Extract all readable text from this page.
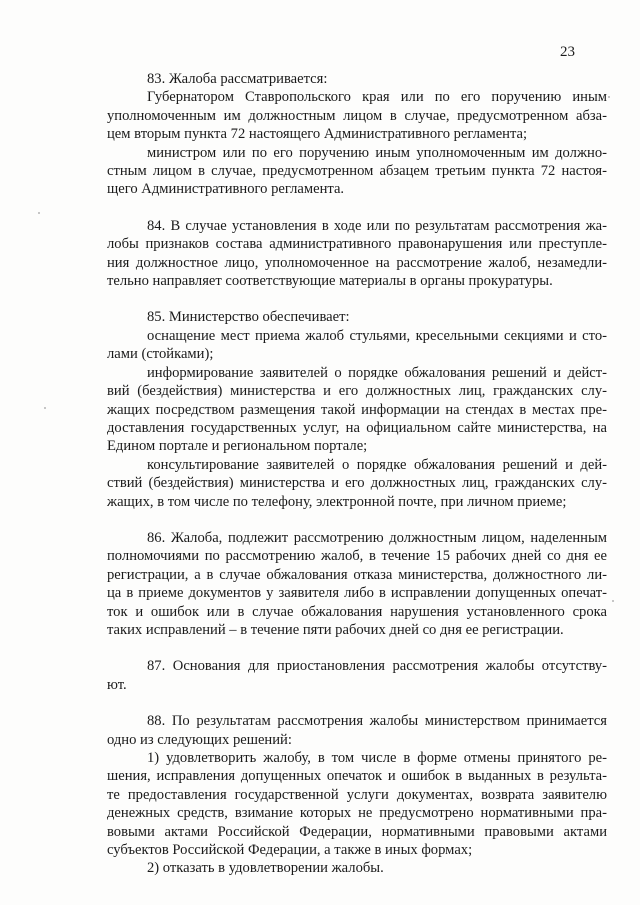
23

83. Жалоба рассматривается:

Губернатором Ставропольского края или по его поручению иным
уполномоченным им должностным лицом в случае, предусмотренном абза-
цем вторым пункта 72 настоящего Административного регламента;

министром или по его поручению иным уполномоченным им должно-
стным лицом в случае, предусмотренном абзацем третьим пункта 72 настоя-
щего Административного регламента.

84. В случае установления в ходе или по результатам рассмотрения жа-
лобы признаков состава административного правонарушения или преступле-
ния должностное лицо, уполномоченное на рассмотрение жалоб, незамедли-
тельно направляет соответствующие материалы в органы прокуратуры.

85. Министерство обеспечивает:

оснащение мест приема жалоб стульями, кресельными секциями и сто-
лами (стойками);

информирование заявителей о порядке обжалования решений и дейст-
вий (бездействия) министерства и его должностных лиц, гражданских слу-
жащих посредством размещения такой информации на стендах в местах пре-
доставления государственных услуг, на официальном сайте министерства, на
Едином портале и региональном портале;

консультирование заявителей о порядке обжалования решений и дей-
ствий (бездействия) министерства и его должностных лиц, гражданских слу-
жащих, в том числе по телефону, электронной почте, при личном приеме;

86. Жалоба, подлежит рассмотрению должностным лицом, наделенным
полномочиями по рассмотрению жалоб, в течение 15 рабочих дней со дня ее
регистрации, а в случае обжалования отказа министерства, должностного ли-
ца в приеме документов у заявителя либо в исправлении допущенных опечат-
ток и ошибок или в случае обжалования нарушения установленного срока
таких исправлений – в течение пяти рабочих дней со дня ее регистрации.

87. Основания для приостановления рассмотрения жалобы отсутству-
ют.

88. По результатам рассмотрения жалобы министерством принимается
одно из следующих решений:

1) удовлетворить жалобу, в том числе в форме отмены принятого ре-
шения, исправления допущенных опечаток и ошибок в выданных в результа-
те предоставления государственной услуги документах, возврата заявителю
денежных средств, взимание которых не предусмотрено нормативными пра-
вовыми актами Российской Федерации, нормативными правовыми актами
субъектов Российской Федерации, а также в иных формах;

2) отказать в удовлетворении жалобы.
